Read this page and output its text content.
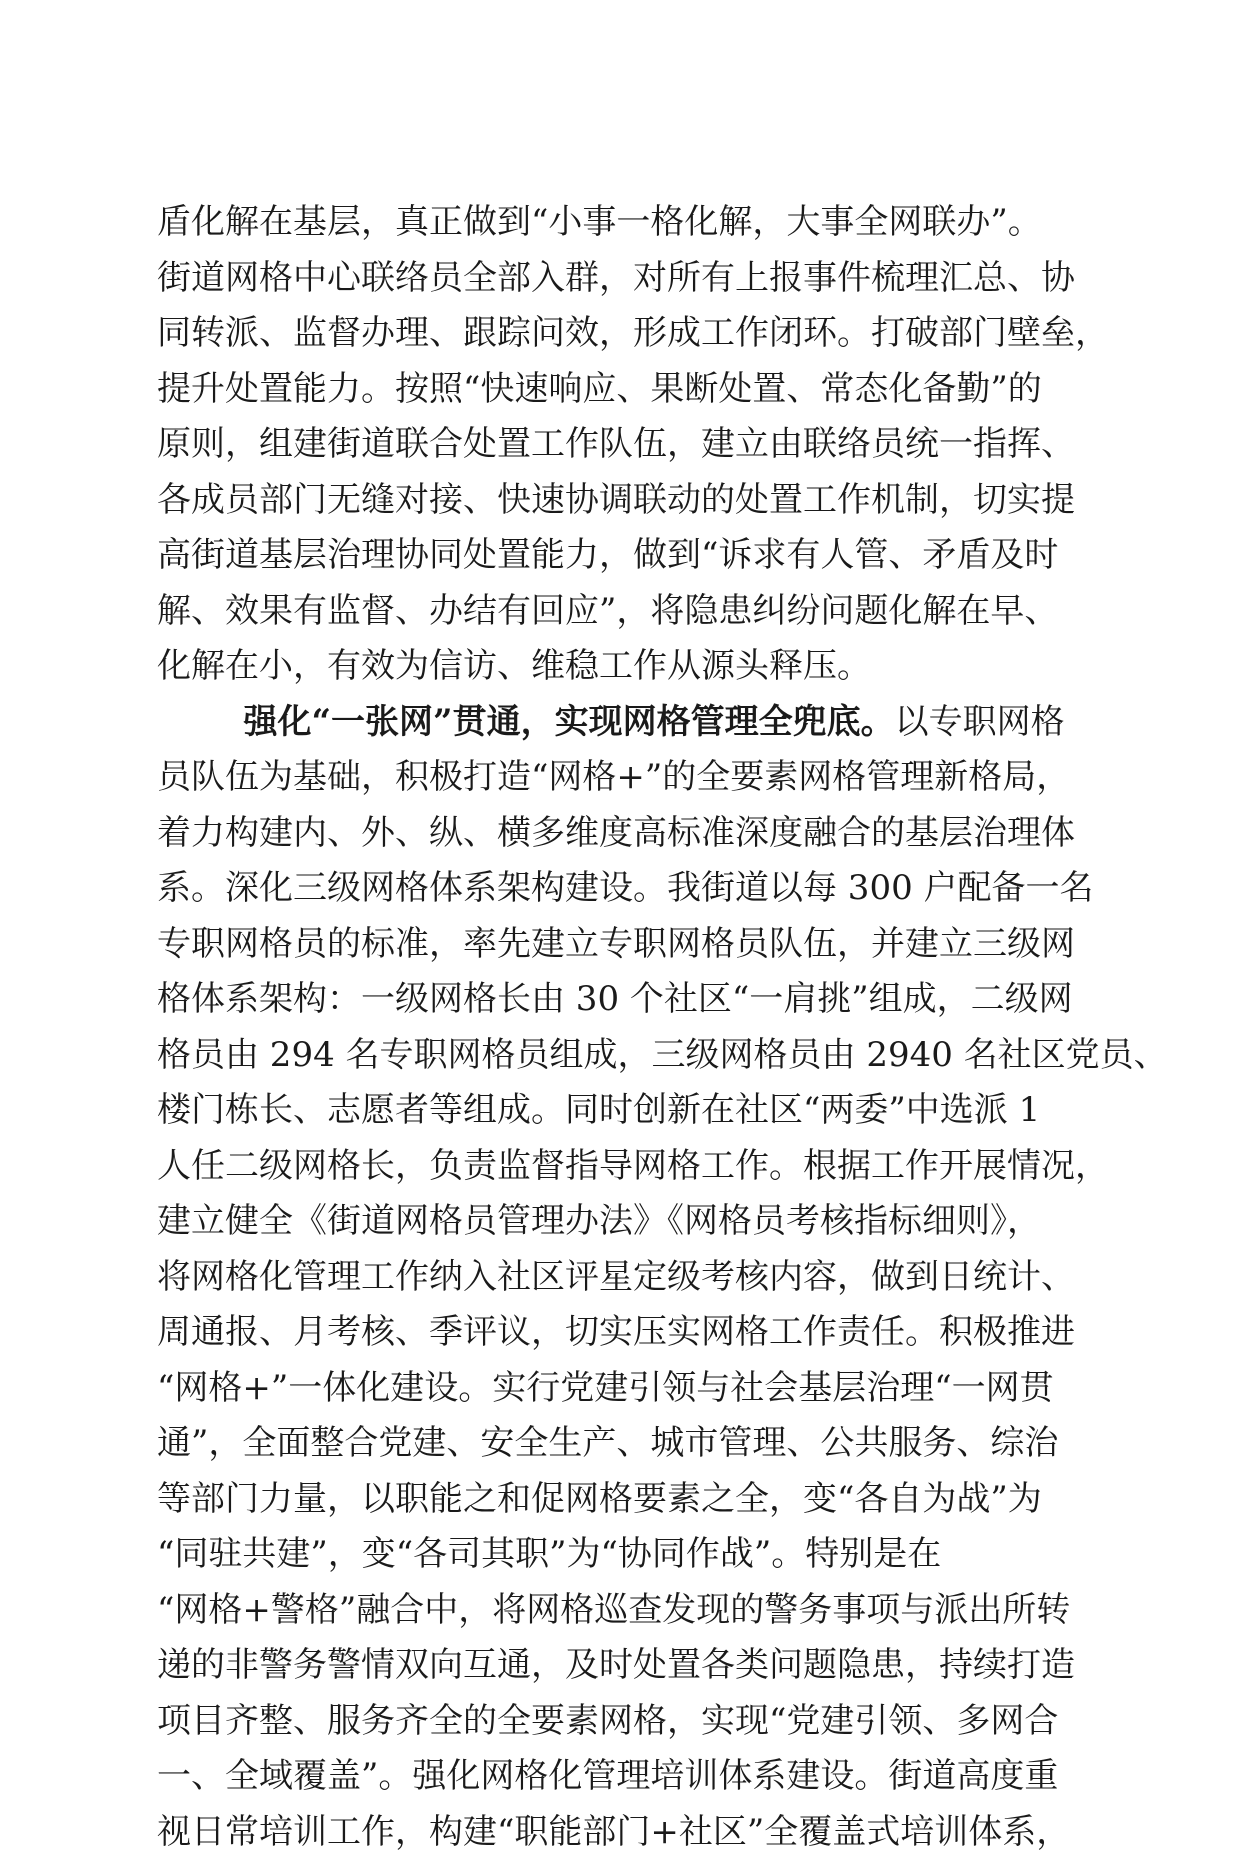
盾化解在基层，真正做到“小事一格化解，大事全网联办”。
街道网格中心联络员全部入群，对所有上报事件梳理汇总、协
同转派、监督办理、跟踪问效，形成工作闭环。打破部门壁垒，
提升处置能力。按照“快速响应、果断处置、常态化备勤”的
原则，组建街道联合处置工作队伍，建立由联络员统一指挥、
各成员部门无缝对接、快速协调联动的处置工作机制，切实提
高街道基层治理协同处置能力，做到“诉求有人管、矛盾及时
解、效果有监督、办结有回应”，将隐患纠纷问题化解在早、
化解在小，有效为信访、维稳工作从源头释压。
强化“一张网”贯通，实现网格管理全兜底。以专职网格
员队伍为基础，积极打造“网格+”的全要素网格管理新格局，
着力构建内、外、纵、横多维度高标准深度融合的基层治理体
系。深化三级网格体系架构建设。我街道以每 300 户配备一名
专职网格员的标准，率先建立专职网格员队伍，并建立三级网
格体系架构：一级网格长由 30 个社区“一肩挑”组成，二级网
格员由 294 名专职网格员组成，三级网格员由 2940 名社区党员、
楼门栋长、志愿者等组成。同时创新在社区“两委”中选派 1
人任二级网格长，负责监督指导网格工作。根据工作开展情况，
建立健全《街道网格员管理办法》《网格员考核指标细则》，
将网格化管理工作纳入社区评星定级考核内容，做到日统计、
周通报、月考核、季评议，切实压实网格工作责任。积极推进
“网格+”一体化建设。实行党建引领与社会基层治理“一网贯
通”，全面整合党建、安全生产、城市管理、公共服务、综治
等部门力量，以职能之和促网格要素之全，变“各自为战”为
“同驻共建”，变“各司其职”为“协同作战”。特别是在
“网格+警格”融合中，将网格巡查发现的警务事项与派出所转
递的非警务警情双向互通，及时处置各类问题隐患，持续打造
项目齐整、服务齐全的全要素网格，实现“党建引领、多网合
一、全域覆盖”。强化网格化管理培训体系建设。街道高度重
视日常培训工作，构建“职能部门+社区”全覆盖式培训体系，
